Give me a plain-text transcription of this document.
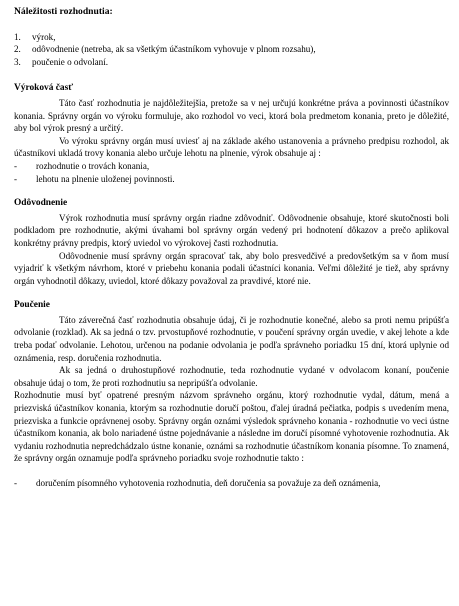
Náležitosti rozhodnutia:
1.	výrok,
2.	odôvodnenie (netreba, ak sa všetkým účastníkom vyhovuje v plnom rozsahu),
3.	poučenie o odvolaní.
Výroková časť

Táto časť rozhodnutia je najdôležitejšia, pretože sa v nej určujú konkrétne práva a povinnosti účastníkov konania. Správny orgán vo výroku formuluje, ako rozhodol vo veci, ktorá bola predmetom konania, preto je dôležité, aby bol výrok presný a určitý.

Vo výroku správny orgán musí uviesť aj na základe akého ustanovenia a právneho predpisu rozhodol, ak účastníkovi ukladá trovy konania alebo určuje lehotu na plnenie, výrok obsahuje aj :

-	rozhodnutie o trovách konania,
-	lehotu na plnenie uloženej povinnosti.
Odôvodnenie

Výrok rozhodnutia musí správny orgán riadne zdôvodniť. Odôvodnenie obsahuje, ktoré skutočnosti boli podkladom pre rozhodnutie, akými úvahami bol správny orgán vedený pri hodnotení dôkazov a prečo aplikoval konkrétny právny predpis, ktorý uviedol vo výrokovej časti rozhodnutia.

Odôvodnenie musí správny orgán spracovať tak, aby bolo presvedčivé a predovšetkým sa v ňom musí vyjadriť k všetkým návrhom, ktoré v priebehu konania podali účastníci konania. Veľmi dôležité je tiež, aby správny orgán vyhodnotil dôkazy, uviedol, ktoré dôkazy považoval za pravdivé, ktoré nie.

Poučenie

Táto záverečná časť rozhodnutia obsahuje údaj, či je rozhodnutie konečné, alebo sa proti nemu pripúšťa odvolanie (rozklad). Ak sa jedná o tzv. prvostupňové rozhodnutie, v poučení správny orgán uvedie, v akej lehote a kde treba podať odvolanie. Lehotou, určenou na podanie odvolania je podľa správneho poriadku 15 dní, ktorá uplynie od oznámenia, resp. doručenia rozhodnutia.

Ak sa jedná o druhostupňové rozhodnutie, teda rozhodnutie vydané v odvolacom konaní, poučenie obsahuje údaj o tom, že proti rozhodnutiu sa nepripúšťa odvolanie.

Rozhodnutie musí byť opatrené presným názvom správneho orgánu, ktorý rozhodnutie vydal, dátum, mená a priezviská účastníkov konania, ktorým sa rozhodnutie doručí poštou, ďalej úradná pečiatka, podpis s uvedením mena, priezviska a funkcie oprávnenej osoby. Správny orgán oznámi výsledok správneho konania - rozhodnutie vo veci ústne účastníkom konania, ak bolo nariadené ústne pojednávanie a následne im doručí písomné vyhotovenie rozhodnutia. Ak vydaniu rozhodnutia nepredchádzalo ústne konanie, oznámi sa rozhodnutie účastníkom konania písomne. To znamená, že správny orgán oznamuje podľa správneho poriadku svoje rozhodnutie takto :

-	doručením písomného vyhotovenia rozhodnutia, deň doručenia sa považuje za deň oznámenia,
